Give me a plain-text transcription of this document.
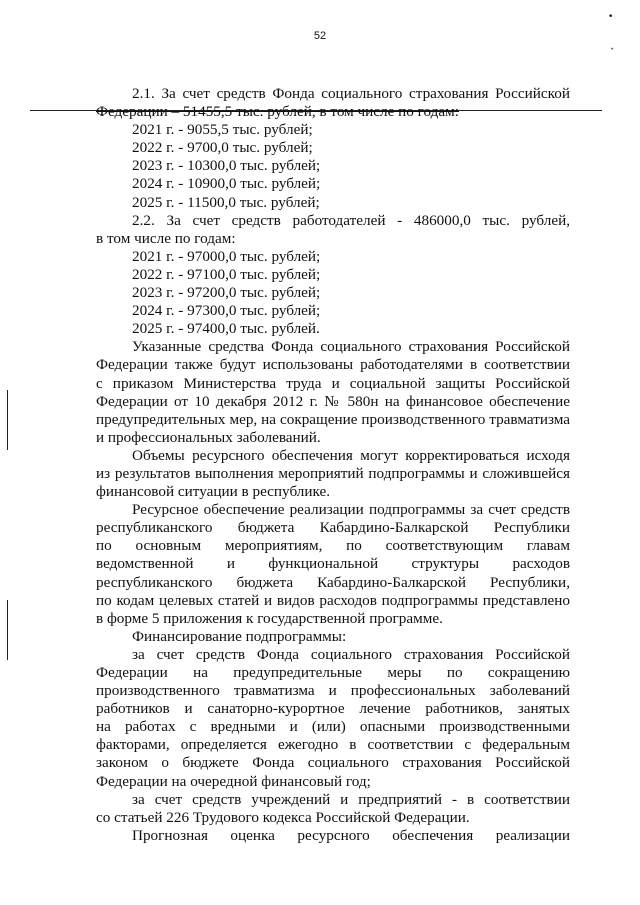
52
•
ˇ

2.1. За счет средств Фонда социального страхования Российской

Федерации – 51455,5 тыс. рублей, в том числе по годам:

2021 г. - 9055,5 тыс. рублей;

2022 г. - 9700,0 тыс. рублей;

2023 г. - 10300,0 тыс. рублей;

2024 г. - 10900,0 тыс. рублей;

2025 г. - 11500,0 тыс. рублей;

2.2. За счет средств работодателей - 486000,0 тыс. рублей,

в том числе по годам:

2021 г. - 97000,0 тыс. рублей;

2022 г. - 97100,0 тыс. рублей;

2023 г. - 97200,0 тыс. рублей;

2024 г. - 97300,0 тыс. рублей;

2025 г. - 97400,0 тыс. рублей.

Указанные средства Фонда социального страхования Российской

Федерации также будут использованы работодателями в соответствии

с приказом Министерства труда и социальной защиты Российской

Федерации от 10 декабря 2012 г. № 580н на финансовое обеспечение

предупредительных мер, на сокращение производственного травматизма

и профессиональных заболеваний.

Объемы ресурсного обеспечения могут корректироваться исходя

из результатов выполнения мероприятий подпрограммы и сложившейся

финансовой ситуации в республике.

Ресурсное обеспечение реализации подпрограммы за счет средств

республиканского бюджета Кабардино-Балкарской Республики

по основным мероприятиям, по соответствующим главам

ведомственной и функциональной структуры расходов

республиканского бюджета Кабардино-Балкарской Республики,

по кодам целевых статей и видов расходов подпрограммы представлено

в форме 5 приложения к государственной программе.

Финансирование подпрограммы:

за счет средств Фонда социального страхования Российской

Федерации на предупредительные меры по сокращению

производственного травматизма и профессиональных заболеваний

работников и санаторно-курортное лечение работников, занятых

на работах с вредными и (или) опасными производственными

факторами, определяется ежегодно в соответствии с федеральным

законом о бюджете Фонда социального страхования Российской

Федерации на очередной финансовый год;

за счет средств учреждений и предприятий - в соответствии

со статьей 226 Трудового кодекса Российской Федерации.

Прогнозная оценка ресурсного обеспечения реализации
